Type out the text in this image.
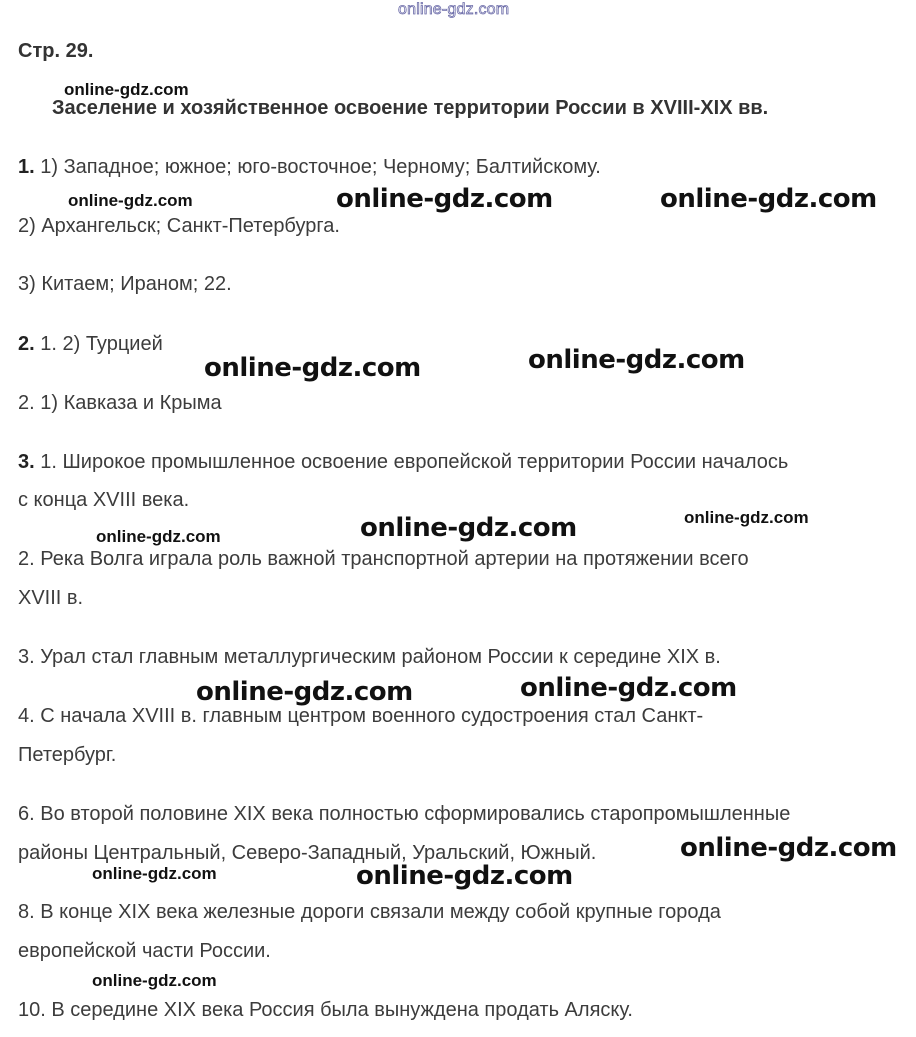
online-gdz.com
Стр. 29.
Заселение и хозяйственное освоение территории России в XVIII-XIX вв.
1. 1) Западное; южное; юго-восточное; Черному; Балтийскому.
2) Архангельск; Санкт-Петербурга.
3) Китаем; Ираном; 22.
2. 1. 2) Турцией
2. 1) Кавказа и Крыма
3. 1. Широкое промышленное освоение европейской территории России началось
с конца XVIII века.
2. Река Волга играла роль важной транспортной артерии на протяжении всего
XVIII в.
3. Урал стал главным металлургическим районом России к середине XIX в.
4. С начала XVIII в. главным центром военного судостроения стал Санкт-
Петербург.
6. Во второй половине XIX века полностью сформировались старопромышленные
районы Центральный, Северо-Западный, Уральский, Южный.
8. В конце XIX века железные дороги связали между собой крупные города
европейской части России.
10. В середине XIX века Россия была вынуждена продать Аляску.
online-gdz.com
online-gdz.com	online-gdz.com	online-gdz.com
online-gdz.com	online-gdz.com
online-gdz.com	online-gdz.com	online-gdz.com
online-gdz.com	online-gdz.com
online-gdz.com
online-gdz.com	online-gdz.com
online-gdz.com
